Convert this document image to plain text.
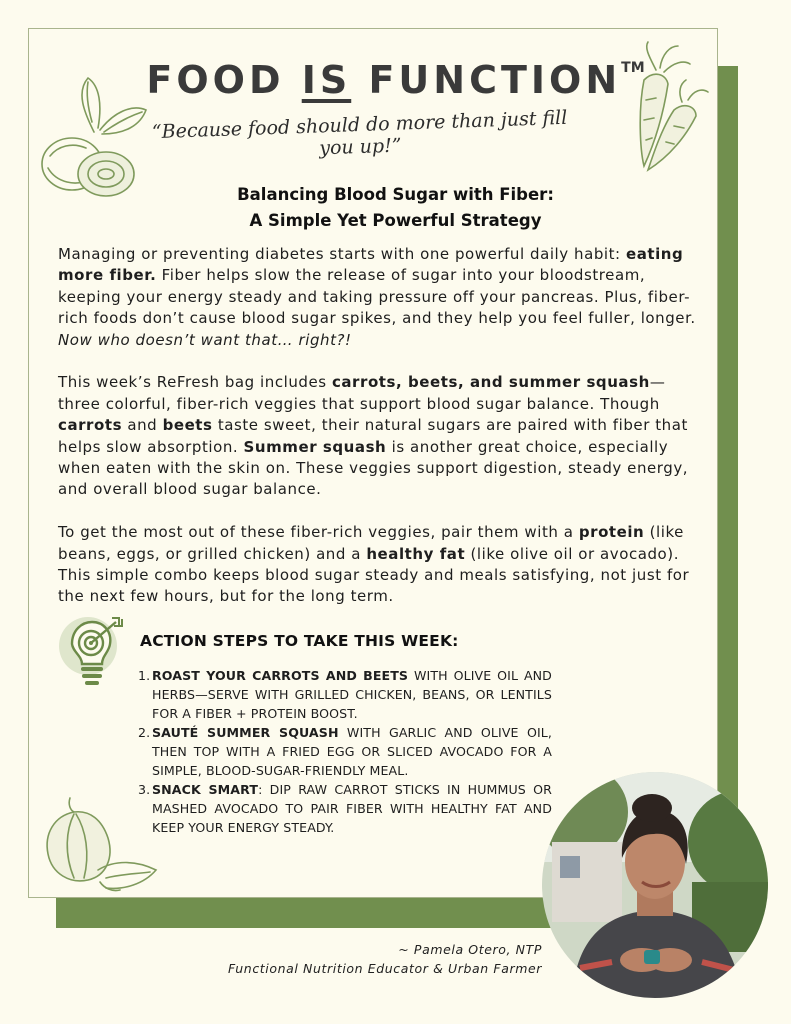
FOOD IS FUNCTION™
“Because food should do more than just fill you up!”
Balancing Blood Sugar with Fiber:
A Simple Yet Powerful Strategy

Managing or preventing diabetes starts with one powerful daily habit: eating more fiber. Fiber helps slow the release of sugar into your bloodstream, keeping your energy steady and taking pressure off your pancreas. Plus, fiber-rich foods don’t cause blood sugar spikes, and they help you feel fuller, longer. Now who doesn’t want that… right?!

This week’s ReFresh bag includes carrots, beets, and summer squash—three colorful, fiber-rich veggies that support blood sugar balance. Though carrots and beets taste sweet, their natural sugars are paired with fiber that helps slow absorption. Summer squash is another great choice, especially when eaten with the skin on. These veggies support digestion, steady energy, and overall blood sugar balance.

To get the most out of these fiber-rich veggies, pair them with a protein (like beans, eggs, or grilled chicken) and a healthy fat (like olive oil or avocado). This simple combo keeps blood sugar steady and meals satisfying, not just for the next few hours, but for the long term.

ACTION STEPS TO TAKE THIS WEEK:
1. ROAST YOUR CARROTS AND BEETS WITH OLIVE OIL AND HERBS—SERVE WITH GRILLED CHICKEN, BEANS, OR LENTILS FOR A FIBER + PROTEIN BOOST.
2. SAUTÉ SUMMER SQUASH WITH GARLIC AND OLIVE OIL, THEN TOP WITH A FRIED EGG OR SLICED AVOCADO FOR A SIMPLE, BLOOD-SUGAR-FRIENDLY MEAL.
3. SNACK SMART: DIP RAW CARROT STICKS IN HUMMUS OR MASHED AVOCADO TO PAIR FIBER WITH HEALTHY FAT AND KEEP YOUR ENERGY STEADY.
~ Pamela Otero, NTP
Functional Nutrition Educator & Urban Farmer
